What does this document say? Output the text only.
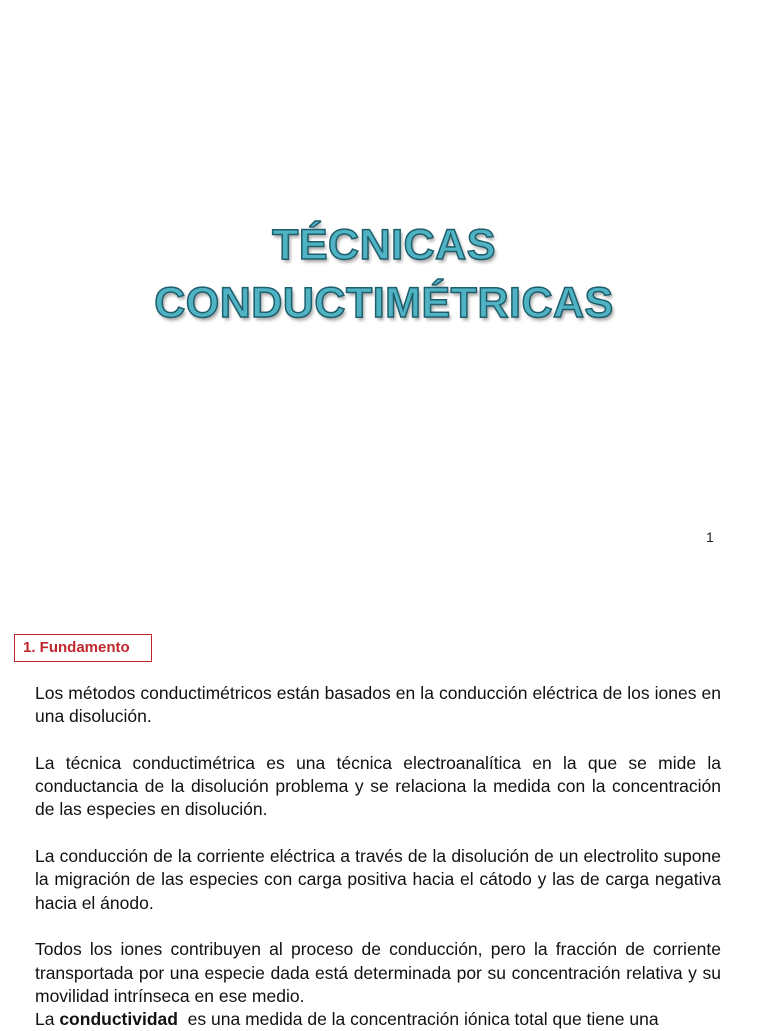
TÉCNICAS
CONDUCTIMÉTRICAS
1
1. Fundamento

Los métodos conductimétricos están basados en la conducción eléctrica de los iones en una disolución.

La técnica conductimétrica es una técnica electroanalítica en la que se mide la conductancia de la disolución problema y se relaciona la medida con la concentración de las especies en disolución.

La conducción de la corriente eléctrica a través de la disolución de un electrolito supone la migración de las especies con carga positiva hacia el cátodo y las de carga negativa hacia el ánodo.

Todos los iones contribuyen al proceso de conducción, pero la fracción de corriente transportada por una especie dada está determinada por su concentración relativa y su movilidad intrínseca en ese medio.

La conductividad  es una medida de la concentración iónica total que tiene una
